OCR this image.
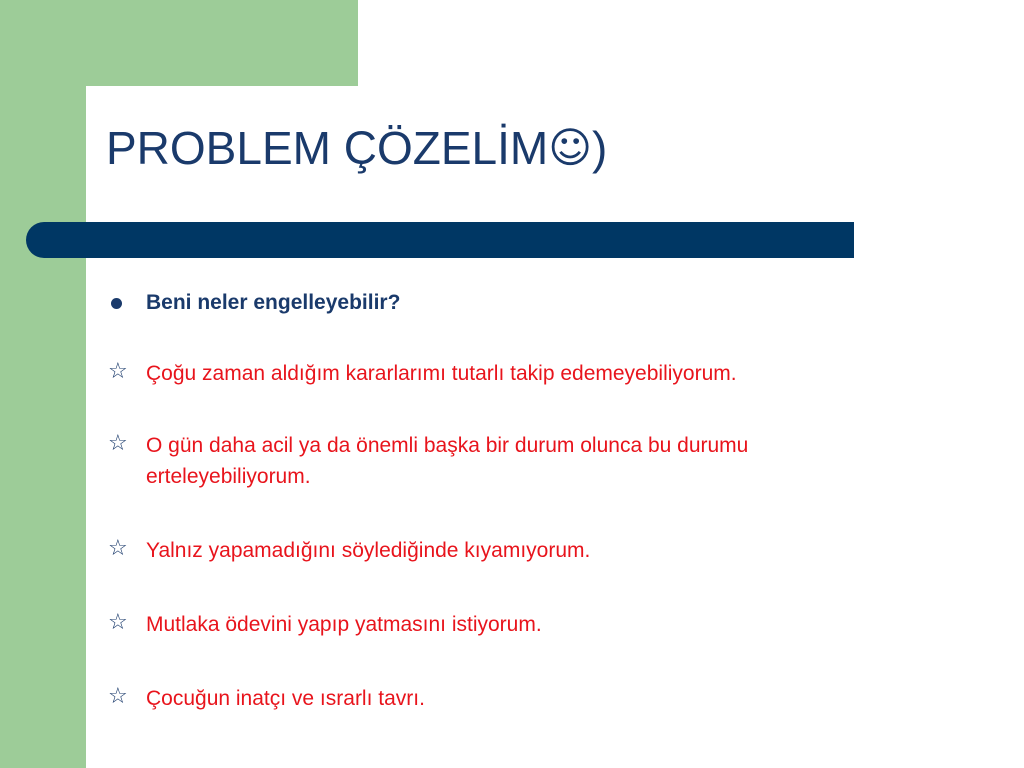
PROBLEM ÇÖZELİM☺)
Beni neler engelleyebilir?
☆ Çoğu zaman aldığım kararlarımı tutarlı takip edemeyebiliyorum.
☆ O gün daha acil ya da önemli başka bir durum olunca bu durumu erteleyebiliyorum.
☆ Yalnız yapamadığını söylediğinde kıyamıyorum.
☆ Mutlaka ödevini yapıp yatmasını istiyorum.
☆ Çocuğun inatçı ve ısrarlı tavrı.
